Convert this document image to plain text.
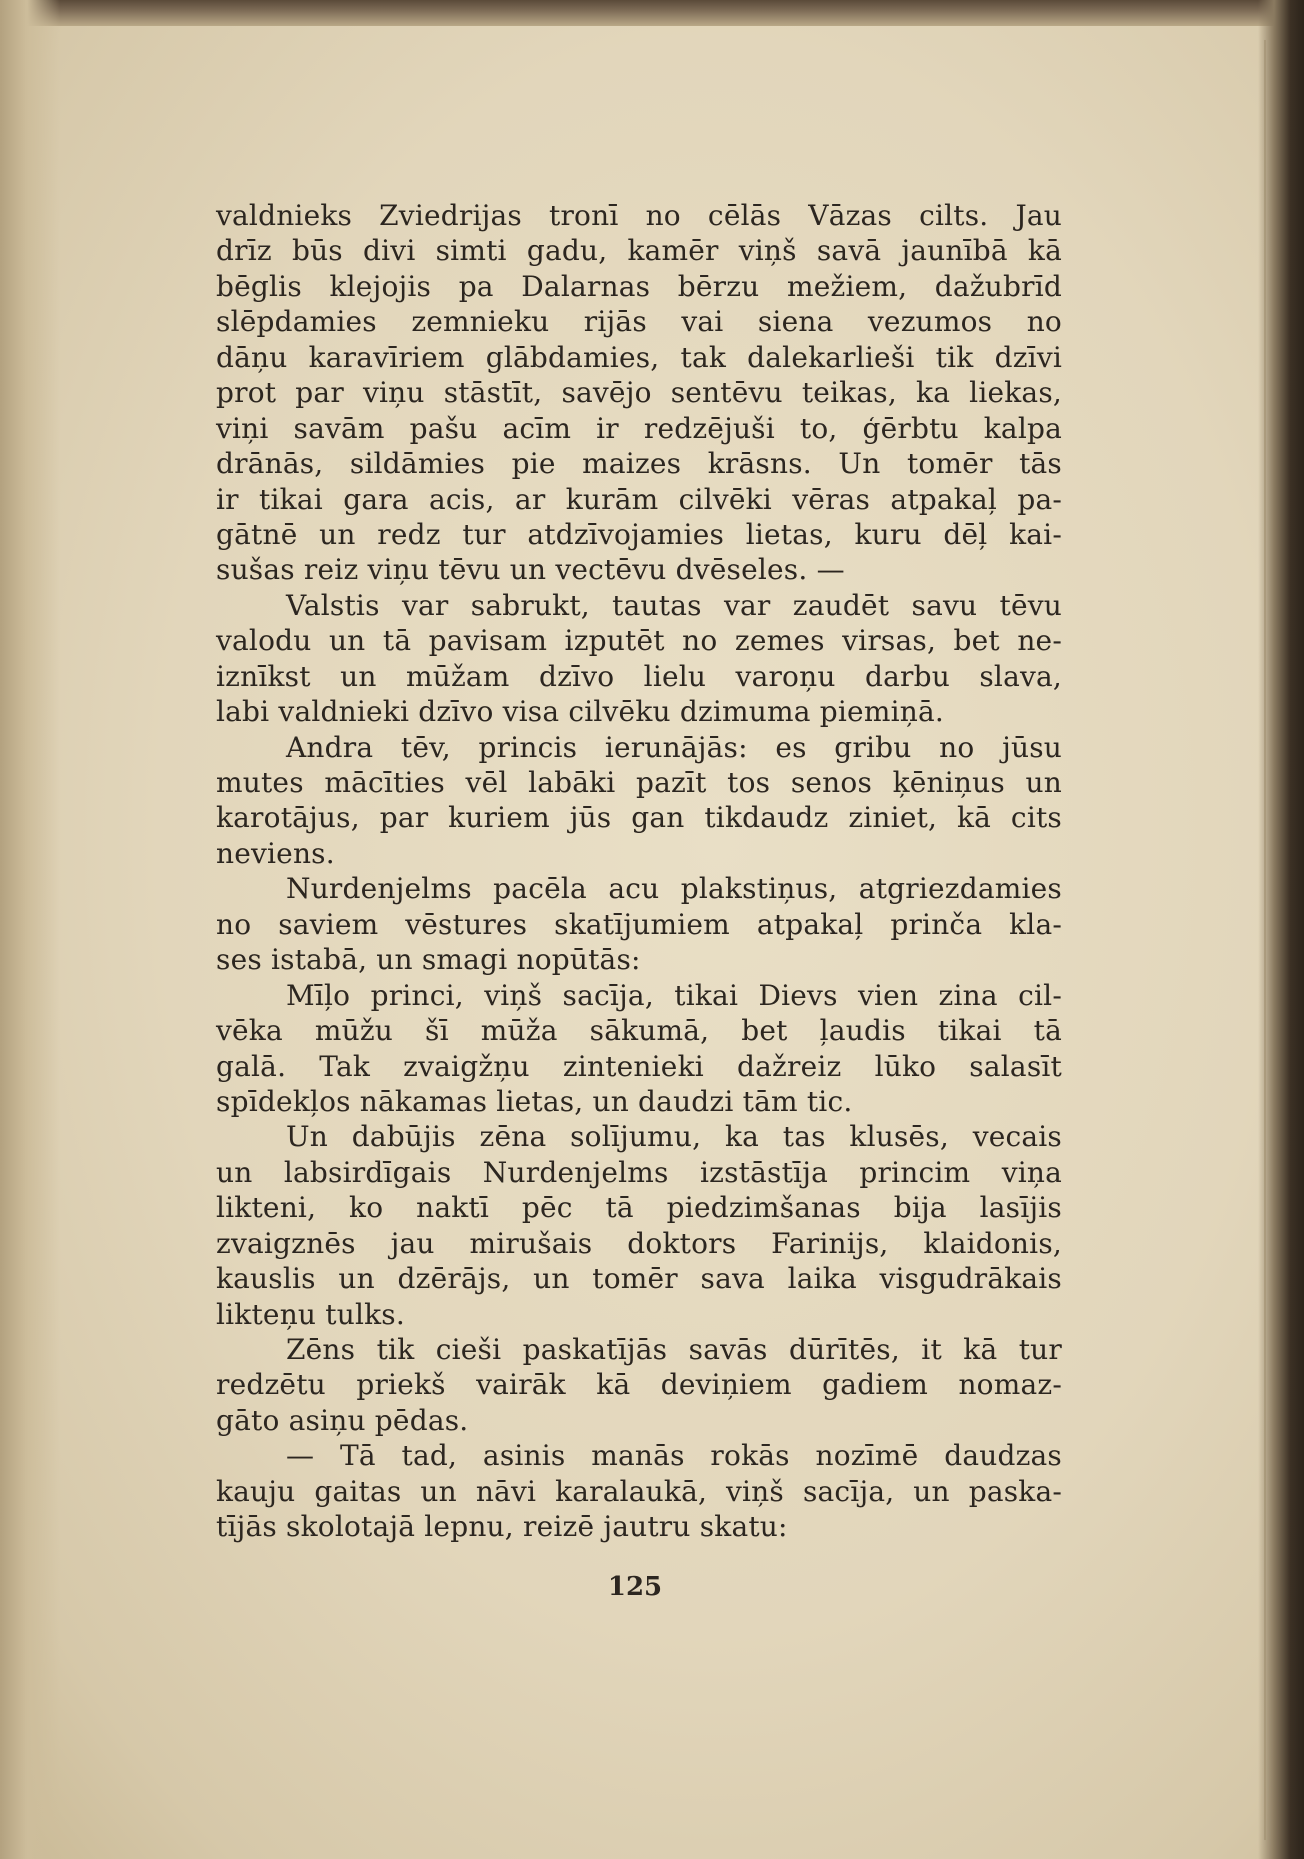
valdnieks Zviedrijas tronī no cēlās Vāzas cilts. Jau
drīz būs divi simti gadu, kamēr viņš savā jaunībā kā
bēglis klejojis pa Dalarnas bērzu mežiem, dažubrīd
slēpdamies zemnieku rijās vai siena vezumos no
dāņu karavīriem glābdamies, tak dalekarlieši tik dzīvi
prot par viņu stāstīt, savējo sentēvu teikas, ka liekas,
viņi savām pašu acīm ir redzējuši to, ģērbtu kalpa
drānās, sildāmies pie maizes krāsns. Un tomēr tās
ir tikai gara acis, ar kurām cilvēki vēras atpakaļ pa-
gātnē un redz tur atdzīvojamies lietas, kuru dēļ kai-
sušas reiz viņu tēvu un vectēvu dvēseles. —
Valstis var sabrukt, tautas var zaudēt savu tēvu
valodu un tā pavisam izputēt no zemes virsas, bet ne-
iznīkst un mūžam dzīvo lielu varoņu darbu slava,
labi valdnieki dzīvo visa cilvēku dzimuma piemiņā.
Andra tēv, princis ierunājās: es gribu no jūsu
mutes mācīties vēl labāki pazīt tos senos ķēniņus un
karotājus, par kuriem jūs gan tikdaudz ziniet, kā cits
neviens.
Nurdenjelms pacēla acu plakstiņus, atgriezdamies
no saviem vēstures skatījumiem atpakaļ prinča kla-
ses istabā, un smagi nopūtās:
Mīļo princi, viņš sacīja, tikai Dievs vien zina cil-
vēka mūžu šī mūža sākumā, bet ļaudis tikai tā
galā. Tak zvaigžņu zintenieki dažreiz lūko salasīt
spīdekļos nākamas lietas, un daudzi tām tic.
Un dabūjis zēna solījumu, ka tas klusēs, vecais
un labsirdīgais Nurdenjelms izstāstīja princim viņa
likteni, ko naktī pēc tā piedzimšanas bija lasījis
zvaigznēs jau mirušais doktors Farinijs, klaidonis,
kauslis un dzērājs, un tomēr sava laika visgudrākais
likteņu tulks.
Zēns tik cieši paskatījās savās dūrītēs, it kā tur
redzētu priekš vairāk kā deviņiem gadiem nomaz-
gāto asiņu pēdas.
— Tā tad, asinis manās rokās nozīmē daudzas
kauju gaitas un nāvi karalaukā, viņš sacīja, un paska-
tījās skolotajā lepnu, reizē jautru skatu:
125
